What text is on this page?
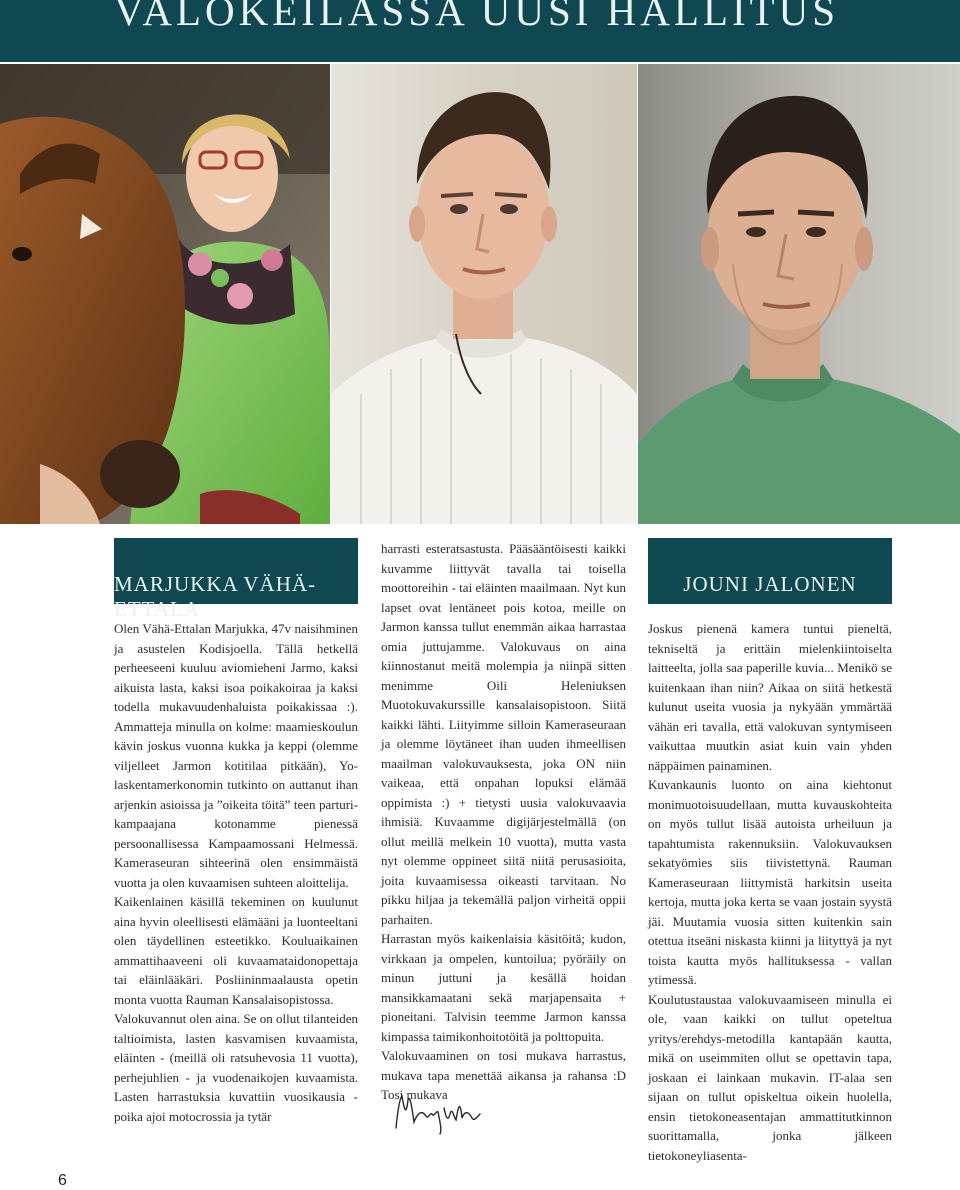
VALOKEILASSA UUSI HALLITUS
MARJUKKA VÄHÄ-ETTALA
JOUNI JALONEN

Olen Vähä-Ettalan Marjukka, 47v naisihminen ja asustelen Kodisjoella. Tällä hetkellä perheeseeni kuuluu aviomieheni Jarmo, kaksi aikuista lasta, kaksi isoa poikakoiraa ja kaksi todella mukavuudenhaluista poikakissaa :). Ammatteja minulla on kolme: maamieskoulun kävin joskus vuonna kukka ja keppi (olemme viljelleet Jarmon kotitilaa pitkään), Yo-laskentamerkonomin tutkinto on auttanut ihan arjenkin asioissa ja ”oikeita töitä” teen parturi-kampaajana kotonamme pienessä persoonallisessa Kampaamossani Helmessä. Kameraseuran sihteerinä olen ensimmäistä vuotta ja olen kuvaamisen suhteen aloittelija.

Kaikenlainen käsillä tekeminen on kuulunut aina hyvin oleellisesti elämääni ja luonteeltani olen täydellinen esteetikko. Kouluaikainen ammattihaaveeni oli kuvaamataidonopettaja tai eläinlääkäri. Posliininmaalausta opetin monta vuotta Rauman Kansalaisopistossa.

Valokuvannut olen aina. Se on ollut tilanteiden taltioimista, lasten kasvamisen kuvaamista, eläinten - (meillä oli ratsuhevosia 11 vuotta), perhejuhlien - ja vuodenaikojen kuvaamista. Lasten harrastuksia kuvattiin vuosikausia - poika ajoi motocrossia ja tytär

harrasti esteratsastusta. Pääsääntöisesti kaikki kuvamme liittyvät tavalla tai toisella moottoreihin - tai eläinten maailmaan. Nyt kun lapset ovat lentäneet pois kotoa, meille on Jarmon kanssa tullut enemmän aikaa harrastaa omia juttujamme. Valokuvaus on aina kiinnostanut meitä molempia ja niinpä sitten menimme Oili Heleniuksen Muotokuvakurssille kansalaisopistoon. Siitä kaikki lähti. Liityimme silloin Kameraseuraan ja olemme löytäneet ihan uuden ihmeellisen maailman valokuvauksesta, joka ON niin vaikeaa, että onpahan lopuksi elämää oppimista :) + tietysti uusia valokuvaavia ihmisiä. Kuvaamme digijärjestelmällä (on ollut meillä melkein 10 vuotta), mutta vasta nyt olemme oppineet siitä niitä perusasioita, joita kuvaamisessa oikeasti tarvitaan. No pikku hiljaa ja tekemällä paljon virheitä oppii parhaiten.

Harrastan myös kaikenlaisia käsitöitä; kudon, virkkaan ja ompelen, kuntoilua; pyöräily on minun juttuni ja kesällä hoidan mansikkamaatani sekä marjapensaita + pioneitani. Talvisin teemme Jarmon kanssa kimpassa taimikonhoitotöitä ja polttopuita.

Valokuvaaminen on tosi mukava harrastus, mukava tapa menettää aikansa ja rahansa :D Tosi mukava

Joskus pienenä kamera tuntui pieneltä, tekniseltä ja erittäin mielenkiintoiselta laitteelta, jolla saa paperille kuvia... Menikö se kuitenkaan ihan niin? Aikaa on siitä hetkestä kulunut useita vuosia ja nykyään ymmärtää vähän eri tavalla, että valokuvan syntymiseen vaikuttaa muutkin asiat kuin vain yhden näppäimen painaminen.

Kuvankaunis luonto on aina kiehtonut monimuotoisuudellaan, mutta kuvauskohteita on myös tullut lisää autoista urheiluun ja tapahtumista rakennuksiin. Valokuvauksen sekatyömies siis tiivistettynä. Rauman Kameraseuraan liittymistä harkitsin useita kertoja, mutta joka kerta se vaan jostain syystä jäi. Muutamia vuosia sitten kuitenkin sain otettua itseäni niskasta kiinni ja liityttyä ja nyt toista kautta myös hallituksessa - vallan ytimessä.

Koulutustaustaa valokuvaamiseen minulla ei ole, vaan kaikki on tullut opeteltua yritys/erehdys-metodilla kantapään kautta, mikä on useimmiten ollut se opettavin tapa, joskaan ei lainkaan mukavin. IT-alaa sen sijaan on tullut opiskeltua oikein huolella, ensin tietokoneasentajan ammattitutkinnon suorittamalla, jonka jälkeen tietokoneyliasenta-

6
